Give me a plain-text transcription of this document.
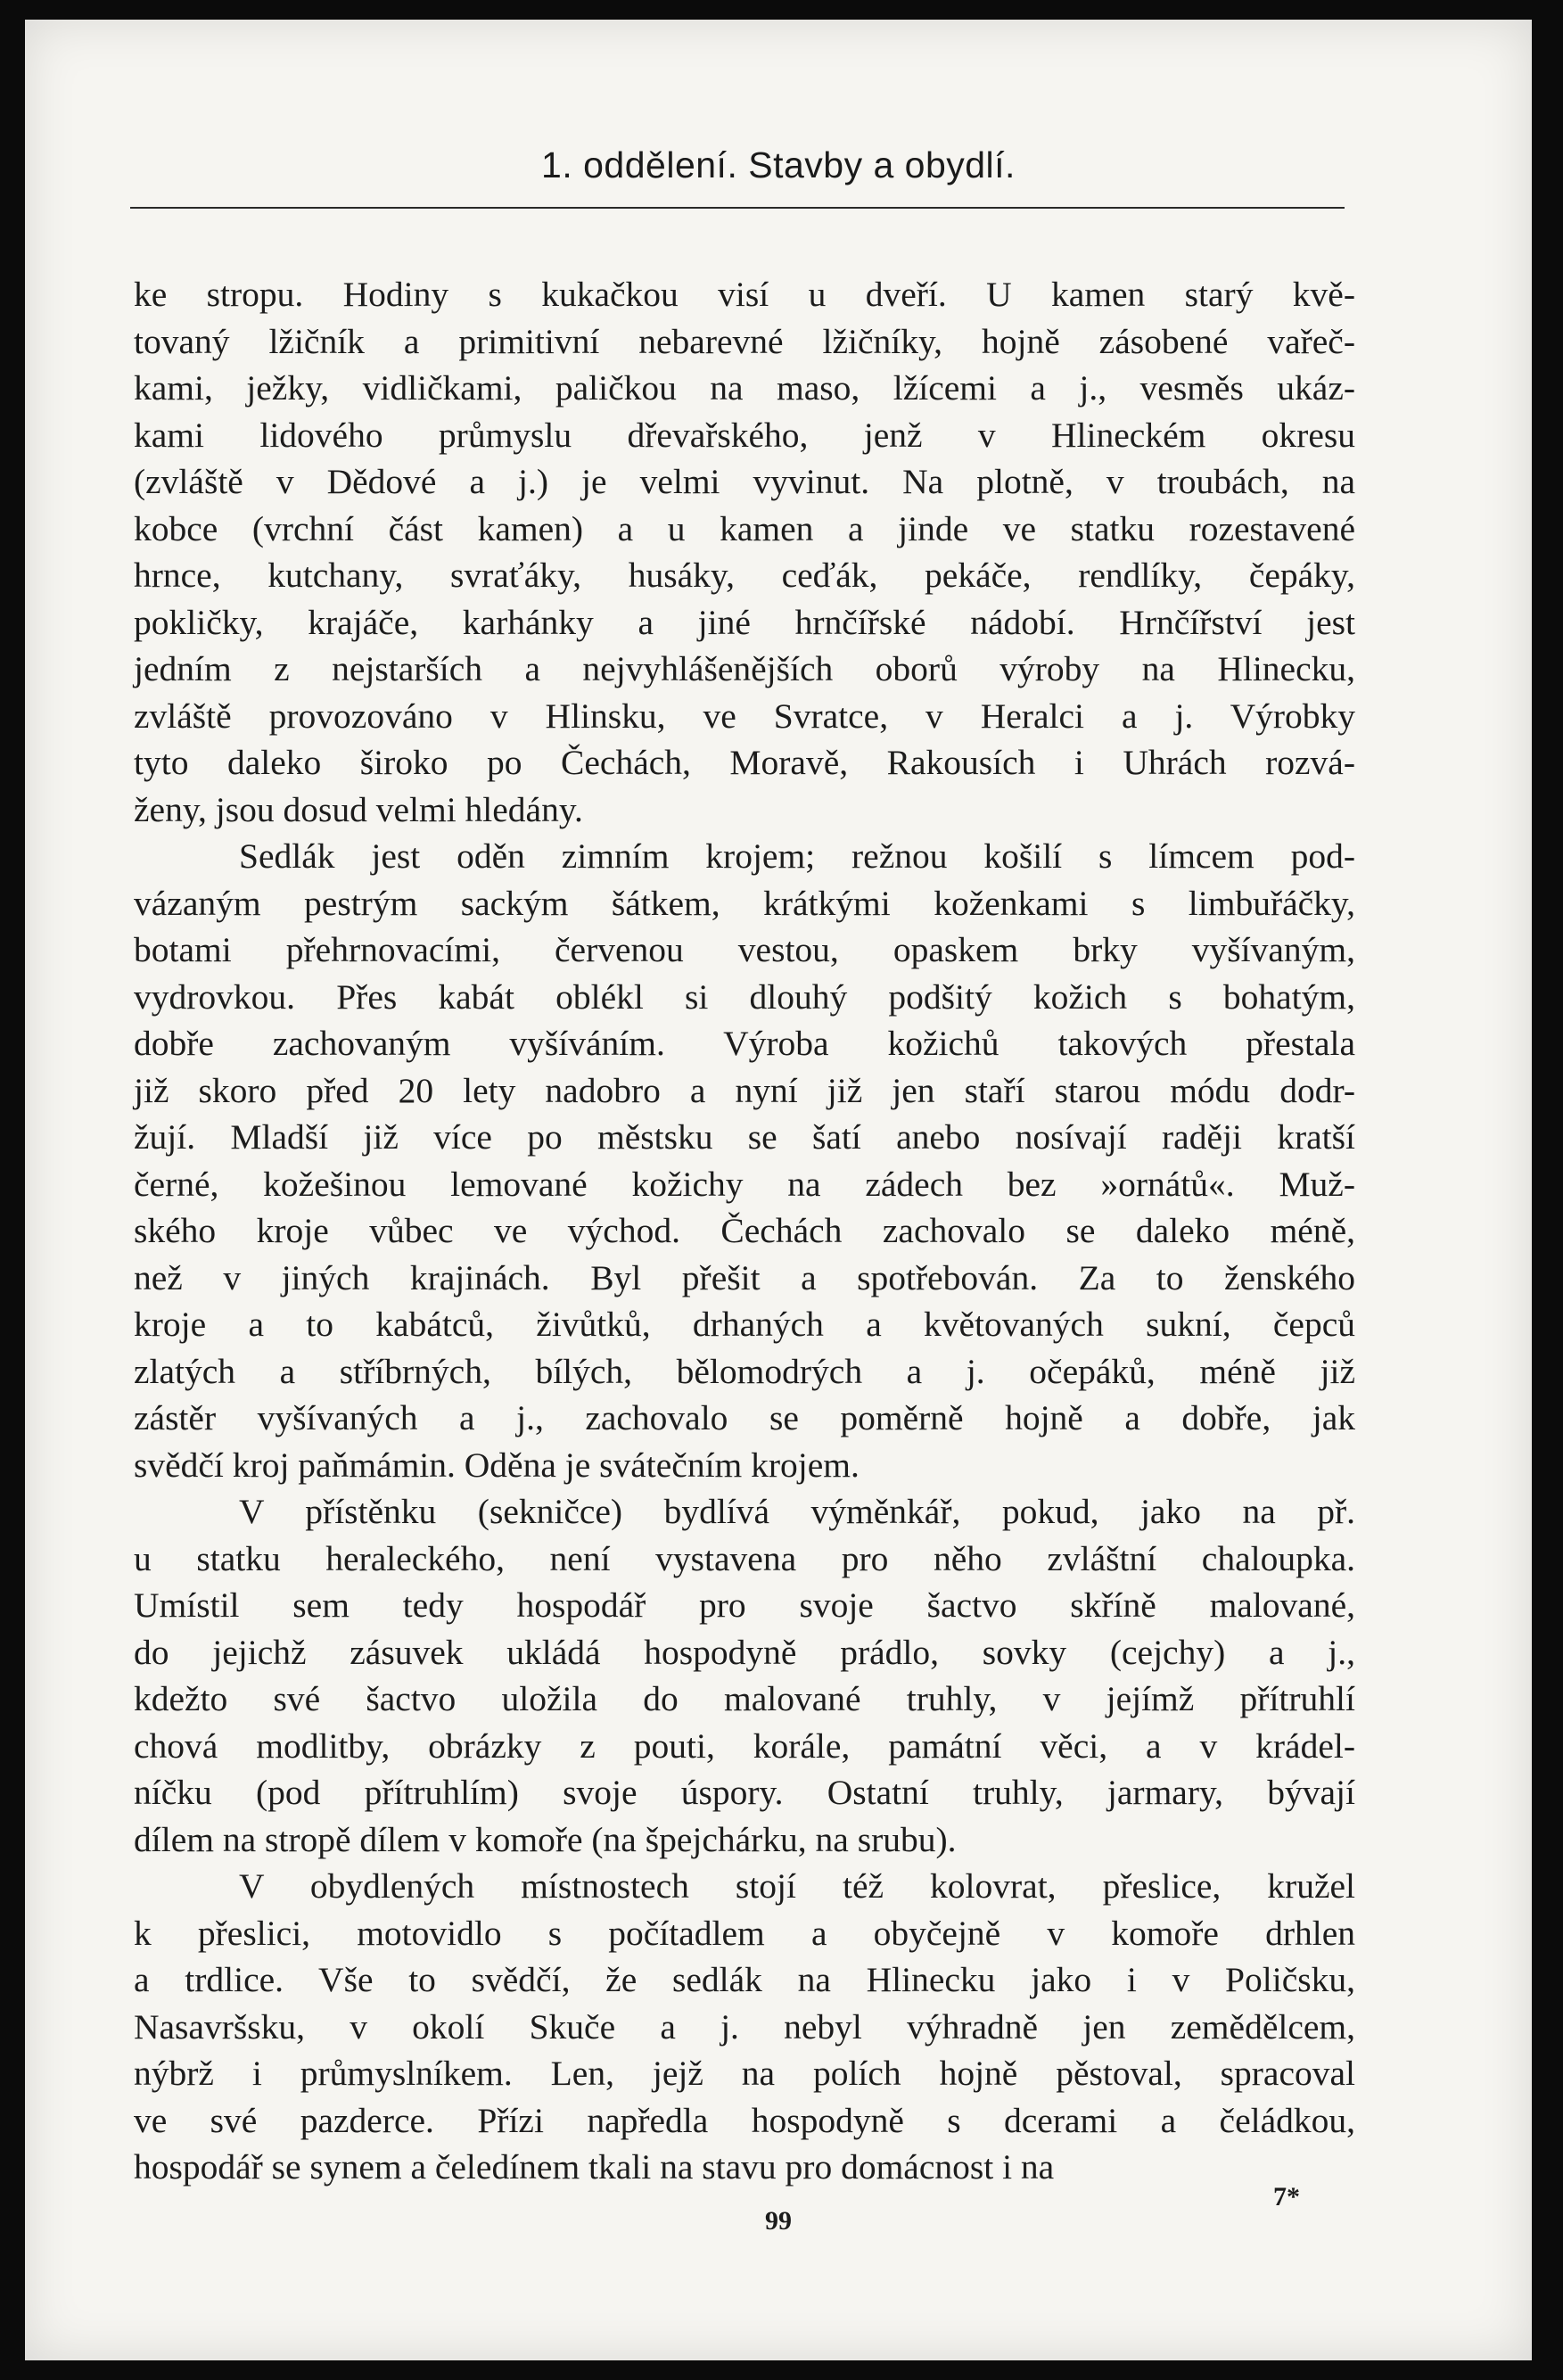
1. oddělení. Stavby a obydlí.
ke stropu. Hodiny s kukačkou visí u dveří. U kamen starý kvě-
tovaný lžičník a primitivní nebarevné lžičníky, hojně zásobené vařeč-
kami, ježky, vidličkami, paličkou na maso, lžícemi a j., vesměs ukáz-
kami lidového průmyslu dřevařského, jenž v Hlineckém okresu
(zvláště v Dědové a j.) je velmi vyvinut. Na plotně, v troubách, na
kobce (vrchní část kamen) a u kamen a jinde ve statku rozestavené
hrnce, kutchany, svraťáky, husáky, ceďák, pekáče, rendlíky, čepáky,
pokličky, krajáče, karhánky a jiné hrnčířské nádobí. Hrnčířství jest
jedním z nejstarších a nejvyhlášenějších oborů výroby na Hlinecku,
zvláště provozováno v Hlinsku, ve Svratce, v Heralci a j. Výrobky
tyto daleko široko po Čechách, Moravě, Rakousích i Uhrách rozvá-
ženy, jsou dosud velmi hledány.
Sedlák jest oděn zimním krojem; režnou košilí s límcem pod-
vázaným pestrým sackým šátkem, krátkými koženkami s limbuřáčky,
botami přehrnovacími, červenou vestou, opaskem brky vyšívaným,
vydrovkou. Přes kabát oblékl si dlouhý podšitý kožich s bohatým,
dobře zachovaným vyšíváním. Výroba kožichů takových přestala
již skoro před 20 lety nadobro a nyní již jen staří starou módu dodr-
žují. Mladší již více po městsku se šatí anebo nosívají raději kratší
černé, kožešinou lemované kožichy na zádech bez »ornátů«. Muž-
ského kroje vůbec ve východ. Čechách zachovalo se daleko méně,
než v jiných krajinách. Byl přešit a spotřebován. Za to ženského
kroje a to kabátců, živůtků, drhaných a květovaných sukní, čepců
zlatých a stříbrných, bílých, bělomodrých a j. očepáků, méně již
zástěr vyšívaných a j., zachovalo se poměrně hojně a dobře, jak
svědčí kroj paňmámin. Oděna je svátečním krojem.
V přístěnku (sekničce) bydlívá výměnkář, pokud, jako na př.
u statku heraleckého, není vystavena pro něho zvláštní chaloupka.
Umístil sem tedy hospodář pro svoje šactvo skříně malované,
do jejichž zásuvek ukládá hospodyně prádlo, sovky (cejchy) a j.,
kdežto své šactvo uložila do malované truhly, v jejímž přítruhlí
chová modlitby, obrázky z pouti, korále, památní věci, a v krádel-
níčku (pod přítruhlím) svoje úspory. Ostatní truhly, jarmary, bývají
dílem na stropě dílem v komoře (na špejchárku, na srubu).
V obydlených místnostech stojí též kolovrat, přeslice, kružel
k přeslici, motovidlo s počítadlem a obyčejně v komoře drhlen
a trdlice. Vše to svědčí, že sedlák na Hlinecku jako i v Poličsku,
Nasavršsku, v okolí Skuče a j. nebyl výhradně jen zemědělcem,
nýbrž i průmyslníkem. Len, jejž na polích hojně pěstoval, spracoval
ve své pazderce. Přízi napředla hospodyně s dcerami a čeládkou,
hospodář se synem a čeledínem tkali na stavu pro domácnost i na
7*
99
